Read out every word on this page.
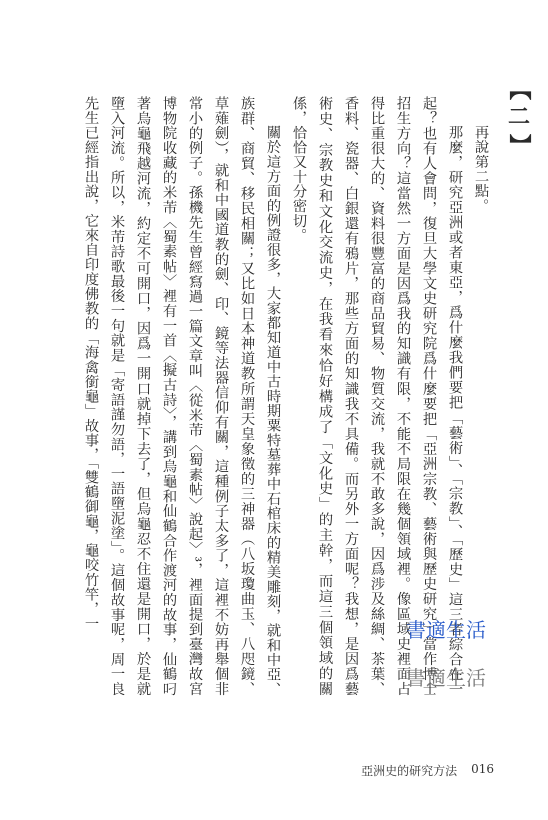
【
二
】

再說第二點。

那麼，研究亞洲或者東亞，爲什麼我們要把「藝術」、「宗教」、「歷史」這三者綜合在一起？也有人會問，復旦大學文史研究院爲什麼要把「亞洲宗教、藝術與歷史研究」當作博士招生方向？這當然一方面是因爲我的知識有限，不能不局限在幾個領域裡。像區域史裡面占得比重很大的、資料很豐富的商品貿易、物質交流，我就不敢多說，因爲涉及絲綢、茶葉、香料、瓷器、白銀還有鴉片，那些方面的知識我不具備。而另外一方面呢？我想，是因爲藝術史、宗教史和文化交流史，在我看來恰好構成了「文化史」的主幹，而這三個領域的關係，恰恰又十分密切。

關於這方面的例證很多，大家都知道中古時期粟特墓葬中石棺床的精美雕刻，就和中亞、族群、商貿、移民相關；又比如日本神道教所謂天皇象徵的三神器（八坂瓊曲玉、八咫鏡、草薙劍），就和中國道教的劍、印、鏡等法器信仰有關，這種例子太多了，這裡不妨再舉個非常小的例子。孫機先生曾經寫過一篇文章叫〈從米芾〈蜀素帖〉說起〉³，裡面提到臺灣故宮博物院收藏的米芾〈蜀素帖〉裡有一首〈擬古詩〉，講到烏龜和仙鶴合作渡河的故事，仙鶴叼著烏龜飛越河流，約定不可開口，因爲一開口就掉下去了，但烏龜忍不住還是開口，於是就墮入河流。所以，米芾詩歌最後一句就是「寄語謹勿語，一語墮泥塗」。這個故事呢，周一良先生已經指出說，它來自印度佛教的「海禽銜龜」故事，「雙鶴御龜，龜咬竹竿，一	書適生活
書適生活
亞洲史的研究方法 016
